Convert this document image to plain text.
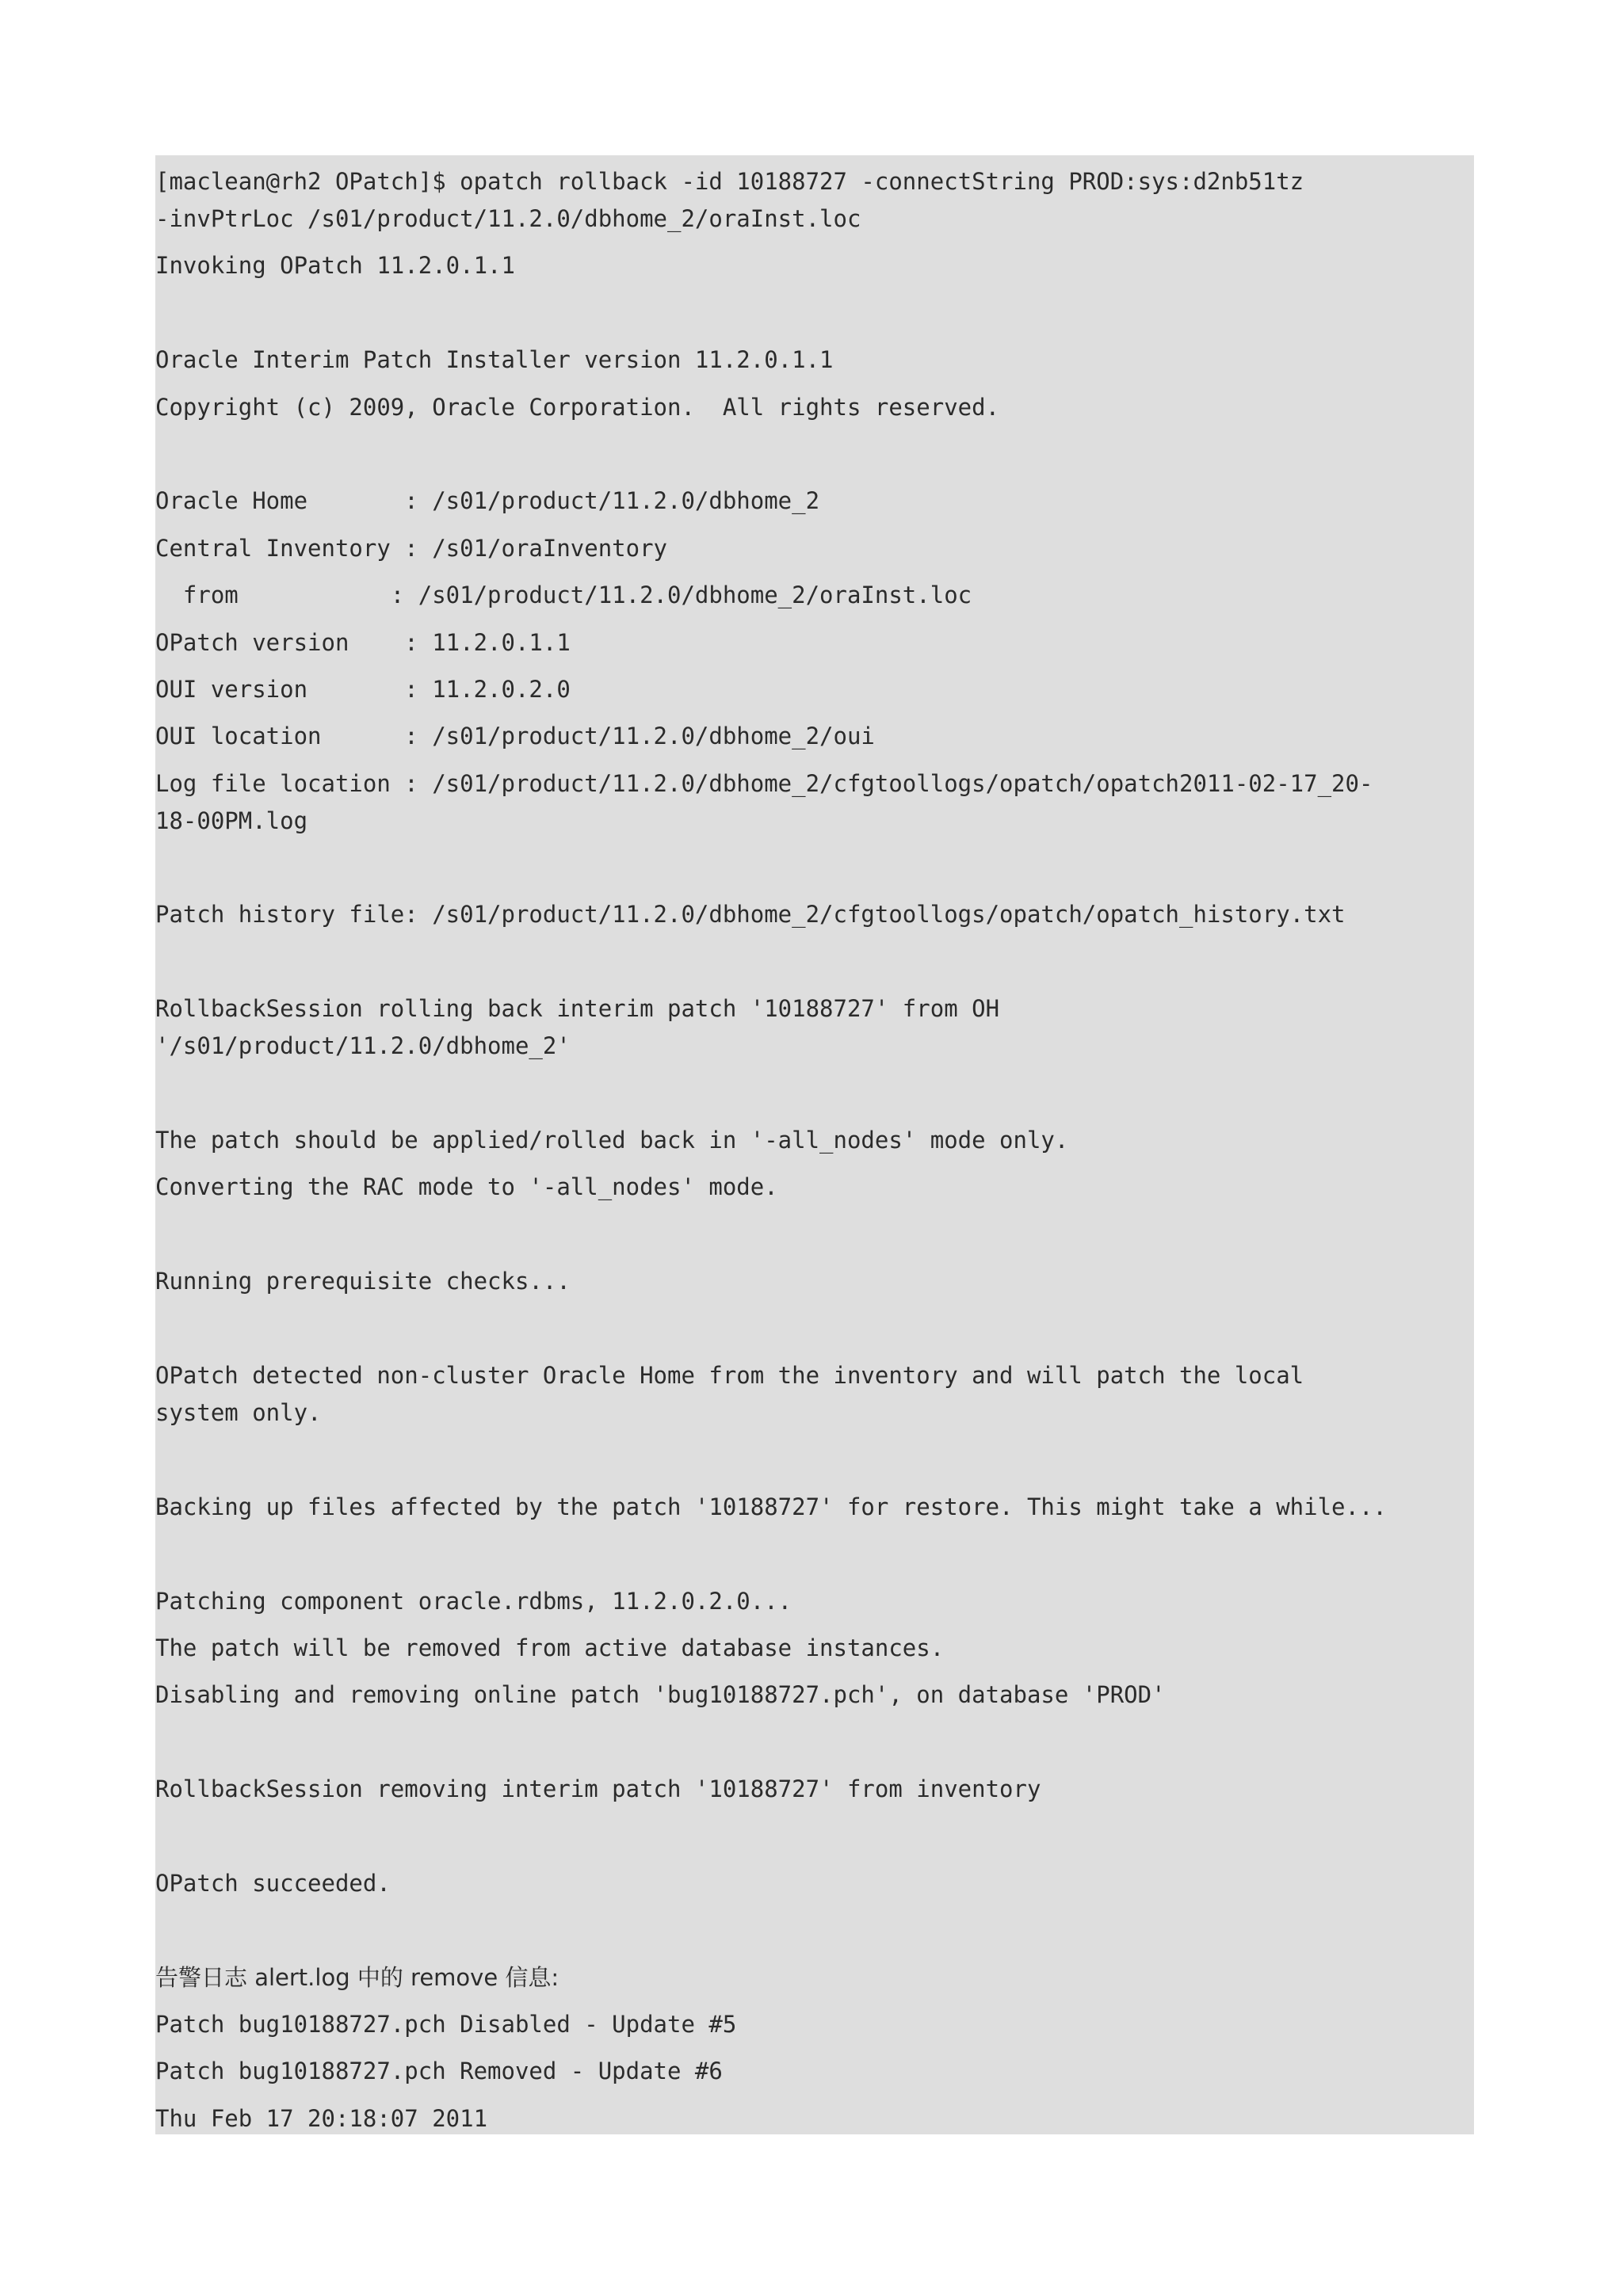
[maclean@rh2 OPatch]$ opatch rollback -id 10188727 -connectString PROD:sys:d2nb51tz
-invPtrLoc /s01/product/11.2.0/dbhome_2/oraInst.loc
Invoking OPatch 11.2.0.1.1
Oracle Interim Patch Installer version 11.2.0.1.1
Copyright (c) 2009, Oracle Corporation.  All rights reserved.
Oracle Home       : /s01/product/11.2.0/dbhome_2
Central Inventory : /s01/oraInventory
from           : /s01/product/11.2.0/dbhome_2/oraInst.loc
OPatch version    : 11.2.0.1.1
OUI version       : 11.2.0.2.0
OUI location      : /s01/product/11.2.0/dbhome_2/oui
Log file location : /s01/product/11.2.0/dbhome_2/cfgtoollogs/opatch/opatch2011-02-17_20-
18-00PM.log
Patch history file: /s01/product/11.2.0/dbhome_2/cfgtoollogs/opatch/opatch_history.txt
RollbackSession rolling back interim patch '10188727' from OH
'/s01/product/11.2.0/dbhome_2'
The patch should be applied/rolled back in '-all_nodes' mode only.
Converting the RAC mode to '-all_nodes' mode.
Running prerequisite checks...
OPatch detected non-cluster Oracle Home from the inventory and will patch the local
system only.
Backing up files affected by the patch '10188727' for restore. This might take a while...
Patching component oracle.rdbms, 11.2.0.2.0...
The patch will be removed from active database instances.
Disabling and removing online patch 'bug10188727.pch', on database 'PROD'
RollbackSession removing interim patch '10188727' from inventory
OPatch succeeded.
告警日志 alert.log 中的 remove 信息:
Patch bug10188727.pch Disabled - Update #5
Patch bug10188727.pch Removed - Update #6
Thu Feb 17 20:18:07 2011
